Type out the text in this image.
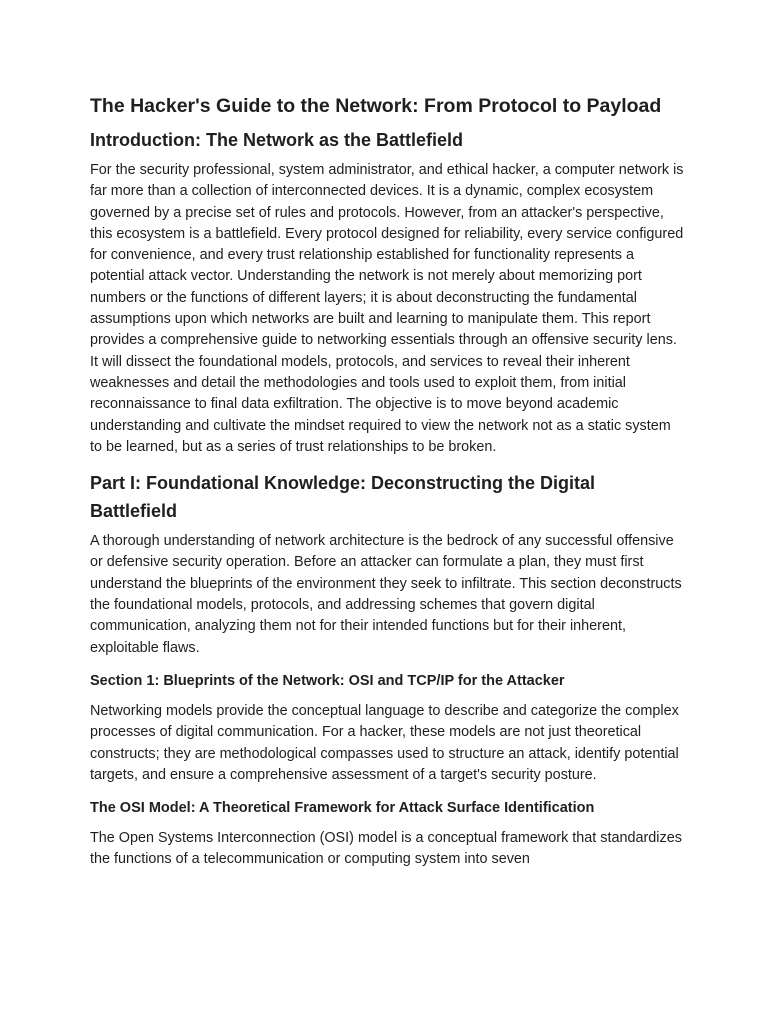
The Hacker's Guide to the Network: From Protocol to Payload
Introduction: The Network as the Battlefield

For the security professional, system administrator, and ethical hacker, a computer network is far more than a collection of interconnected devices. It is a dynamic, complex ecosystem governed by a precise set of rules and protocols. However, from an attacker's perspective, this ecosystem is a battlefield. Every protocol designed for reliability, every service configured for convenience, and every trust relationship established for functionality represents a potential attack vector. Understanding the network is not merely about memorizing port numbers or the functions of different layers; it is about deconstructing the fundamental assumptions upon which networks are built and learning to manipulate them. This report provides a comprehensive guide to networking essentials through an offensive security lens. It will dissect the foundational models, protocols, and services to reveal their inherent weaknesses and detail the methodologies and tools used to exploit them, from initial reconnaissance to final data exfiltration. The objective is to move beyond academic understanding and cultivate the mindset required to view the network not as a static system to be learned, but as a series of trust relationships to be broken.

Part I: Foundational Knowledge: Deconstructing the Digital Battlefield

A thorough understanding of network architecture is the bedrock of any successful offensive or defensive security operation. Before an attacker can formulate a plan, they must first understand the blueprints of the environment they seek to infiltrate. This section deconstructs the foundational models, protocols, and addressing schemes that govern digital communication, analyzing them not for their intended functions but for their inherent, exploitable flaws.

Section 1: Blueprints of the Network: OSI and TCP/IP for the Attacker

Networking models provide the conceptual language to describe and categorize the complex processes of digital communication. For a hacker, these models are not just theoretical constructs; they are methodological compasses used to structure an attack, identify potential targets, and ensure a comprehensive assessment of a target's security posture.

The OSI Model: A Theoretical Framework for Attack Surface Identification

The Open Systems Interconnection (OSI) model is a conceptual framework that standardizes the functions of a telecommunication or computing system into seven
